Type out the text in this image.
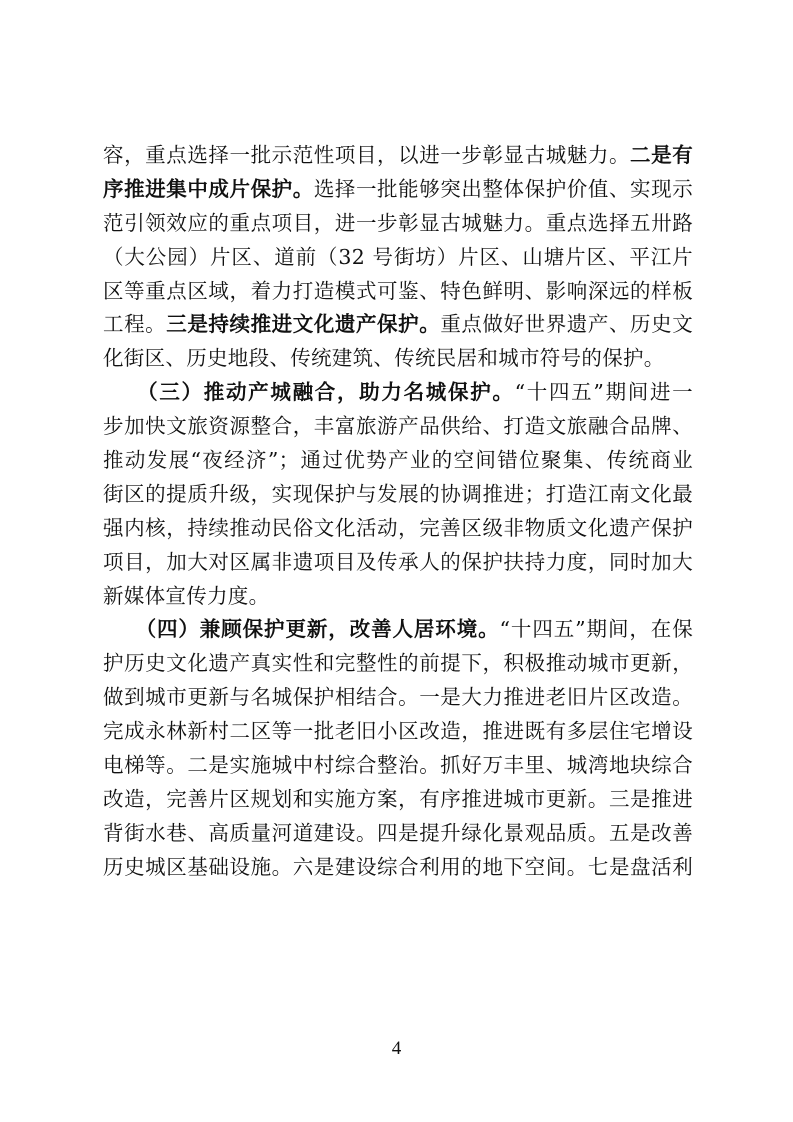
容，重点选择一批示范性项目，以进一步彰显古城魅力。二是有
序推进集中成片保护。选择一批能够突出整体保护价值、实现示
范引领效应的重点项目，进一步彰显古城魅力。重点选择五卅路
（大公园）片区、道前（32 号街坊）片区、山塘片区、平江片
区等重点区域，着力打造模式可鉴、特色鲜明、影响深远的样板
工程。三是持续推进文化遗产保护。重点做好世界遗产、历史文
化街区、历史地段、传统建筑、传统民居和城市符号的保护。
　　（三）推动产城融合，助力名城保护。“十四五”期间进一
步加快文旅资源整合，丰富旅游产品供给、打造文旅融合品牌、
推动发展“夜经济”；通过优势产业的空间错位聚集、传统商业
街区的提质升级，实现保护与发展的协调推进；打造江南文化最
强内核，持续推动民俗文化活动，完善区级非物质文化遗产保护
项目，加大对区属非遗项目及传承人的保护扶持力度，同时加大
新媒体宣传力度。
　　（四）兼顾保护更新，改善人居环境。“十四五”期间，在保
护历史文化遗产真实性和完整性的前提下，积极推动城市更新，
做到城市更新与名城保护相结合。一是大力推进老旧片区改造。
完成永林新村二区等一批老旧小区改造，推进既有多层住宅增设
电梯等。二是实施城中村综合整治。抓好万丰里、城湾地块综合
改造，完善片区规划和实施方案，有序推进城市更新。三是推进
背街水巷、高质量河道建设。四是提升绿化景观品质。五是改善
历史城区基础设施。六是建设综合利用的地下空间。七是盘活利
4
